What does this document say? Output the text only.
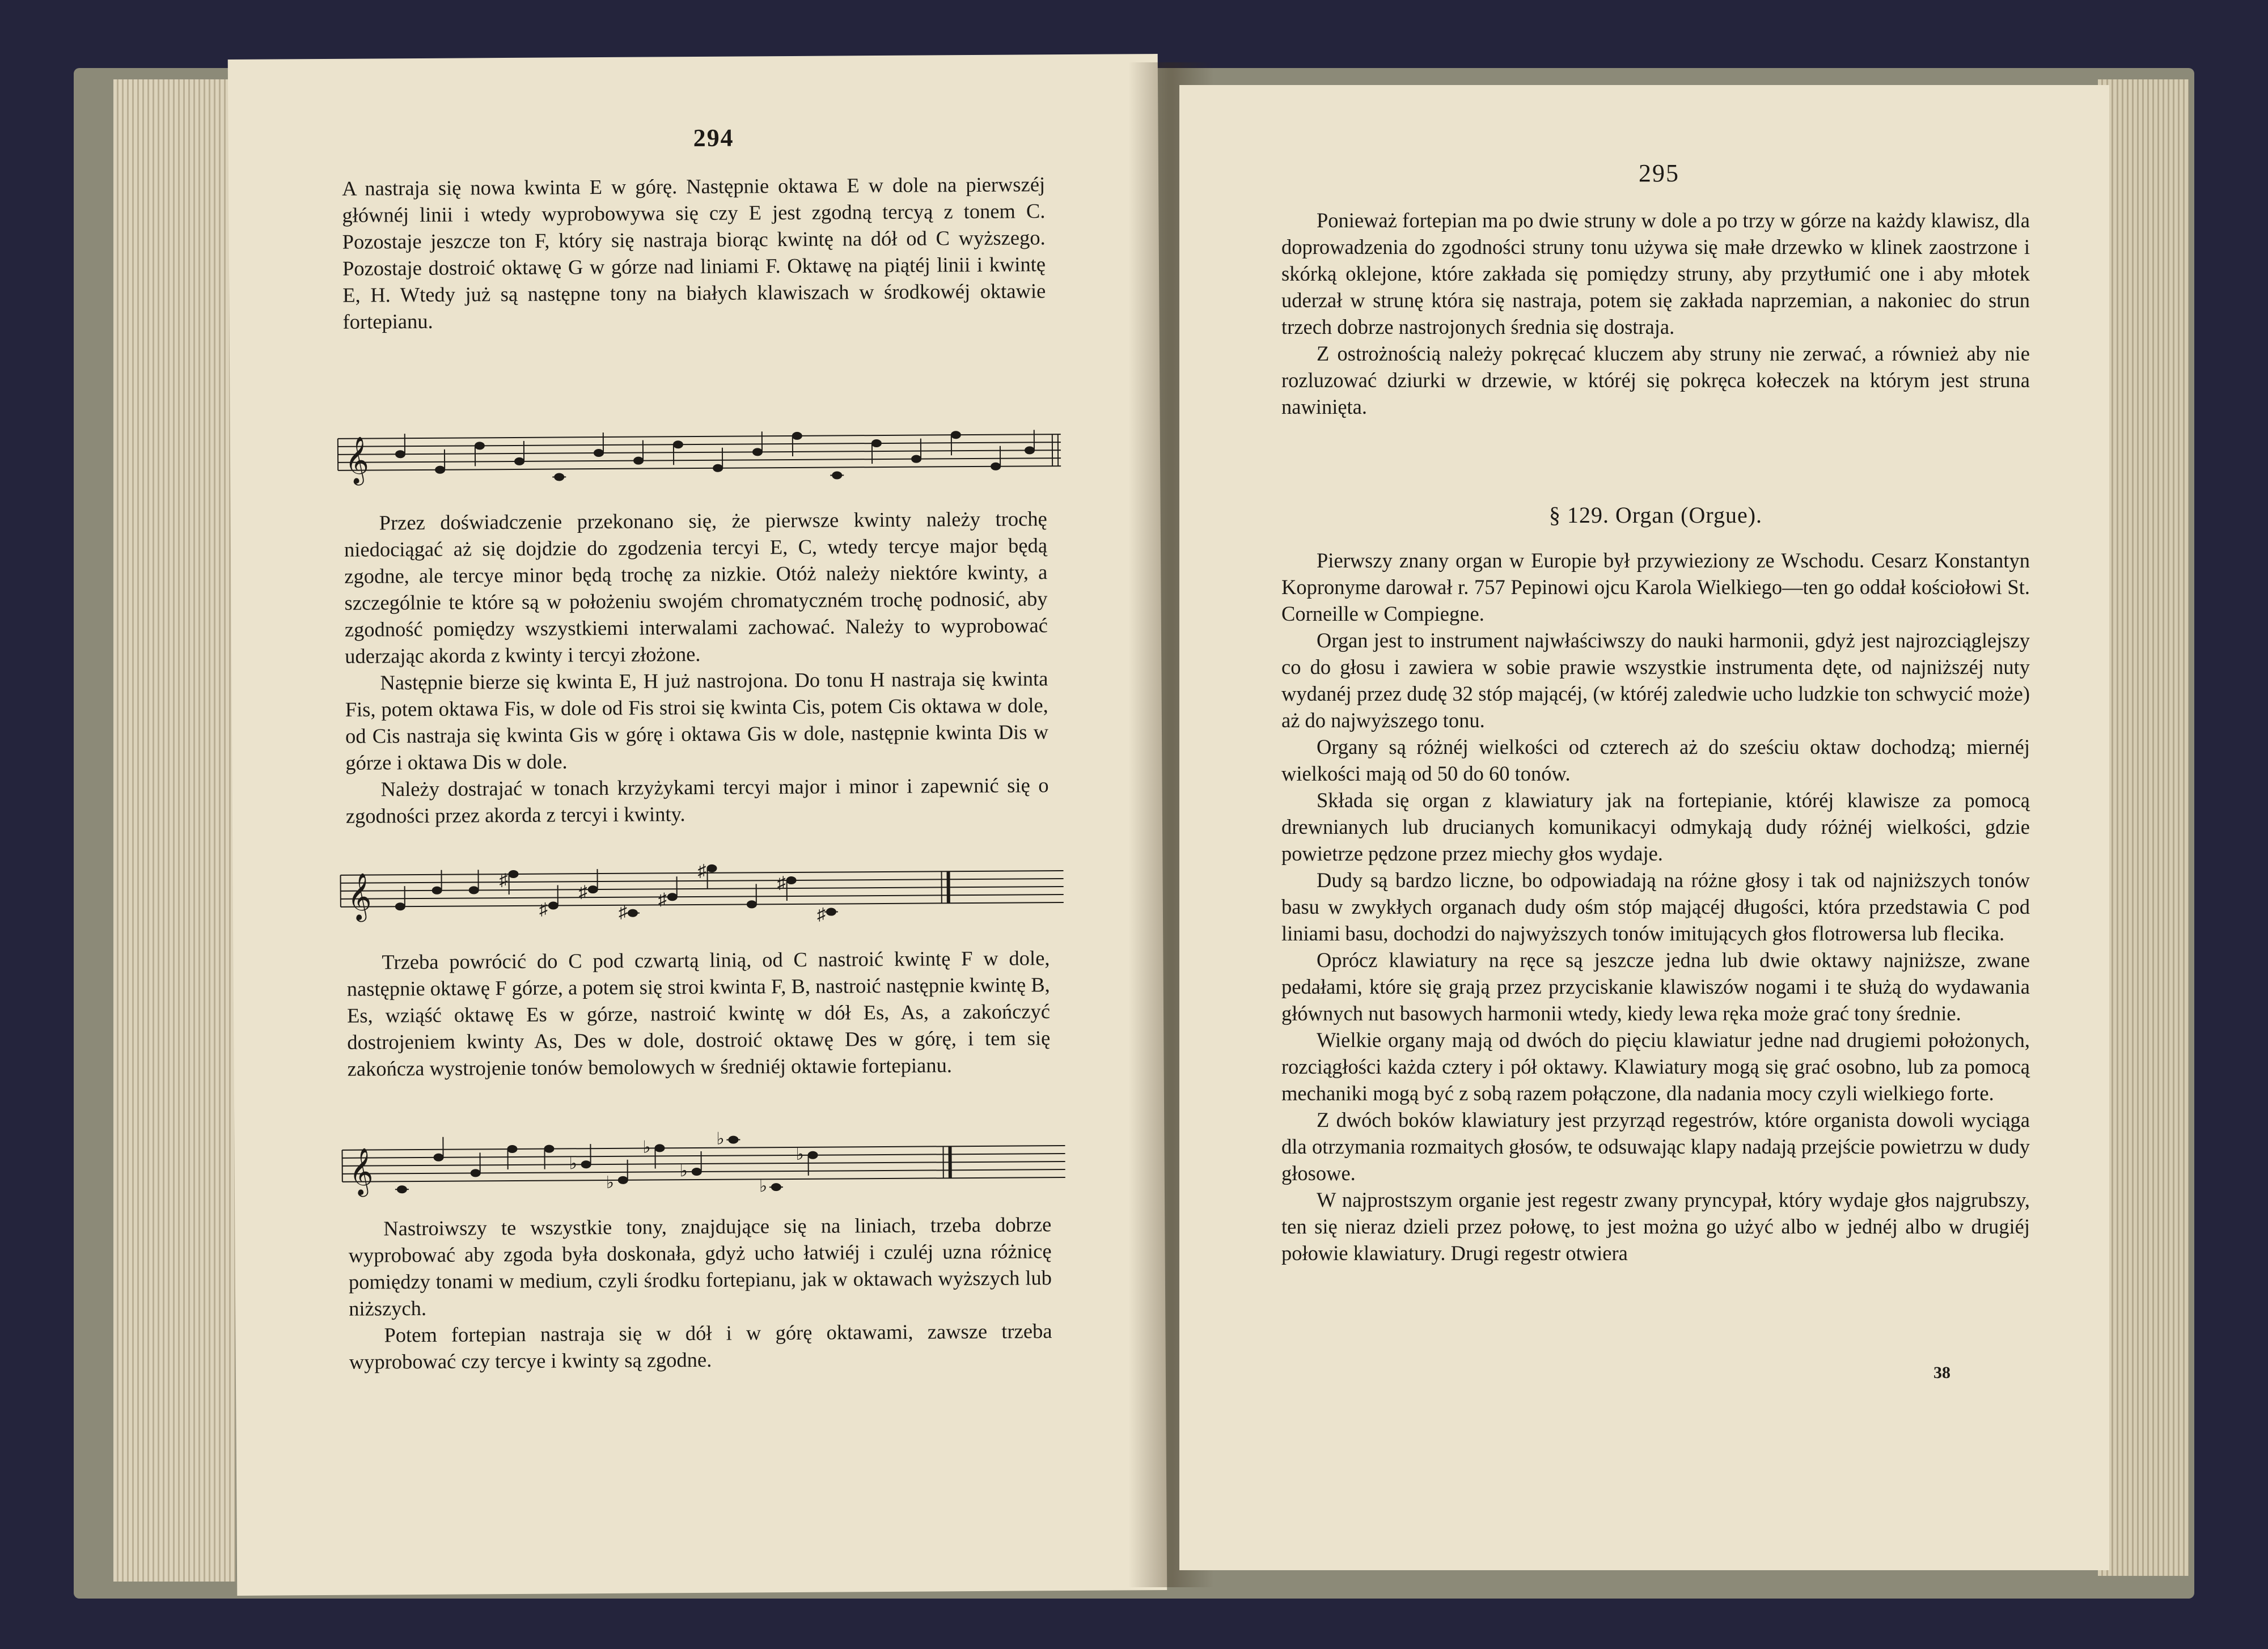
294

A nastraja się nowa kwinta E w górę. Następnie oktawa E w dole na pierwszéj głównéj linii i wtedy wyprobowywa się czy E jest zgodną tercyą z tonem C. Pozostaje jeszcze ton F, który się nastraja biorąc kwintę na dół od C wyższego. Pozostaje dostroić oktawę G w górze nad liniami F. Oktawę na piątéj linii i kwintę E, H. Wtedy już są następne tony na białych klawiszach w środkowéj oktawie fortepianu.

𝄞

Przez doświadczenie przekonano się, że pierwsze kwinty należy trochę niedociągać aż się dojdzie do zgodzenia tercyi E, C, wtedy tercye major będą zgodne, ale tercye minor będą trochę za nizkie. Otóż należy niektóre kwinty, a szczególnie te które są w położeniu swojém chromatyczném trochę podnosić, aby zgodność pomiędzy wszystkiemi interwalami zachować. Należy to wyprobować uderzając akorda z kwinty i tercyi złożone.

Następnie bierze się kwinta E, H już nastrojona. Do tonu H nastraja się kwinta Fis, potem oktawa Fis, w dole od Fis stroi się kwinta Cis, potem Cis oktawa w dole, od Cis nastraja się kwinta Gis w górę i oktawa Gis w dole, następnie kwinta Dis w górze i oktawa Dis w dole.

Należy dostrajać w tonach krzyżykami tercyi major i minor i zapewnić się o zgodności przez akorda z tercyi i kwinty.

𝄞	♯
♯
♯
♯
♯
♯
♯
♯

Trzeba powrócić do C pod czwartą linią, od C nastroić kwintę F w dole, następnie oktawę F górze, a potem się stroi kwinta F, B, nastroić następnie kwintę B, Es, wziąść oktawę Es w górze, nastroić kwintę w dół Es, As, a zakończyć dostrojeniem kwinty As, Des w dole, dostroić oktawę Des w górę, i tem się zakończa wystrojenie tonów bemolowych w średniéj oktawie fortepianu.

𝄞	♭
♭
♭
♭
♭
♭
♭

Nastroiwszy te wszystkie tony, znajdujące się na liniach, trzeba dobrze wyprobować aby zgoda była doskonała, gdyż ucho łatwiéj i czuléj uzna różnicę pomiędzy tonami w medium, czyli środku fortepianu, jak w oktawach wyższych lub niższych.

Potem fortepian nastraja się w dół i w górę oktawami, zawsze trzeba wyprobować czy tercye i kwinty są zgodne.

295

Ponieważ fortepian ma po dwie struny w dole a po trzy w górze na każdy klawisz, dla doprowadzenia do zgodności struny tonu używa się małe drzewko w klinek zaostrzone i skórką oklejone, które zakłada się pomiędzy struny, aby przytłumić one i aby młotek uderzał w strunę która się nastraja, potem się zakłada naprzemian, a nakoniec do strun trzech dobrze nastrojonych średnia się dostraja.

Z ostrożnością należy pokręcać kluczem aby struny nie zerwać, a również aby nie rozluzować dziurki w drzewie, w któréj się pokręca kołeczek na którym jest struna nawinięta.

§ 129. Organ (Orgue).

Pierwszy znany organ w Europie był przywieziony ze Wschodu. Cesarz Konstantyn Kopronyme darował r. 757 Pepinowi ojcu Karola Wielkiego—ten go oddał kościołowi St. Corneille w Compiegne.

Organ jest to instrument najwłaściwszy do nauki harmonii, gdyż jest najrozciąglejszy co do głosu i zawiera w sobie prawie wszystkie instrumenta dęte, od najniższéj nuty wydanéj przez dudę 32 stóp mającéj, (w któréj zaledwie ucho ludzkie ton schwycić może) aż do najwyższego tonu.

Organy są różnéj wielkości od czterech aż do sześciu oktaw dochodzą; miernéj wielkości mają od 50 do 60 tonów.

Składa się organ z klawiatury jak na fortepianie, któréj klawisze za pomocą drewnianych lub drucianych komunikacyi odmykają dudy różnéj wielkości, gdzie powietrze pędzone przez miechy głos wydaje.

Dudy są bardzo liczne, bo odpowiadają na różne głosy i tak od najniższych tonów basu w zwykłych organach dudy ośm stóp mającéj długości, która przedstawia C pod liniami basu, dochodzi do najwyższych tonów imitujących głos flotrowersa lub flecika.

Oprócz klawiatury na ręce są jeszcze jedna lub dwie oktawy najniższe, zwane pedałami, które się grają przez przyciskanie klawiszów nogami i te służą do wydawania głównych nut basowych harmonii wtedy, kiedy lewa ręka może grać tony średnie.

Wielkie organy mają od dwóch do pięciu klawiatur jedne nad drugiemi położonych, rozciągłości każda cztery i pół oktawy. Klawiatury mogą się grać osobno, lub za pomocą mechaniki mogą być z sobą razem połączone, dla nadania mocy czyli wielkiego forte.

Z dwóch boków klawiatury jest przyrząd regestrów, które organista dowoli wyciąga dla otrzymania rozmaitych głosów, te odsuwając klapy nadają przejście powietrzu w dudy głosowe.

W najprostszym organie jest regestr zwany pryncypał, który wydaje głos najgrubszy, ten się nieraz dzieli przez połowę, to jest można go użyć albo w jednéj albo w drugiéj połowie klawiatury. Drugi regestr otwiera

38
